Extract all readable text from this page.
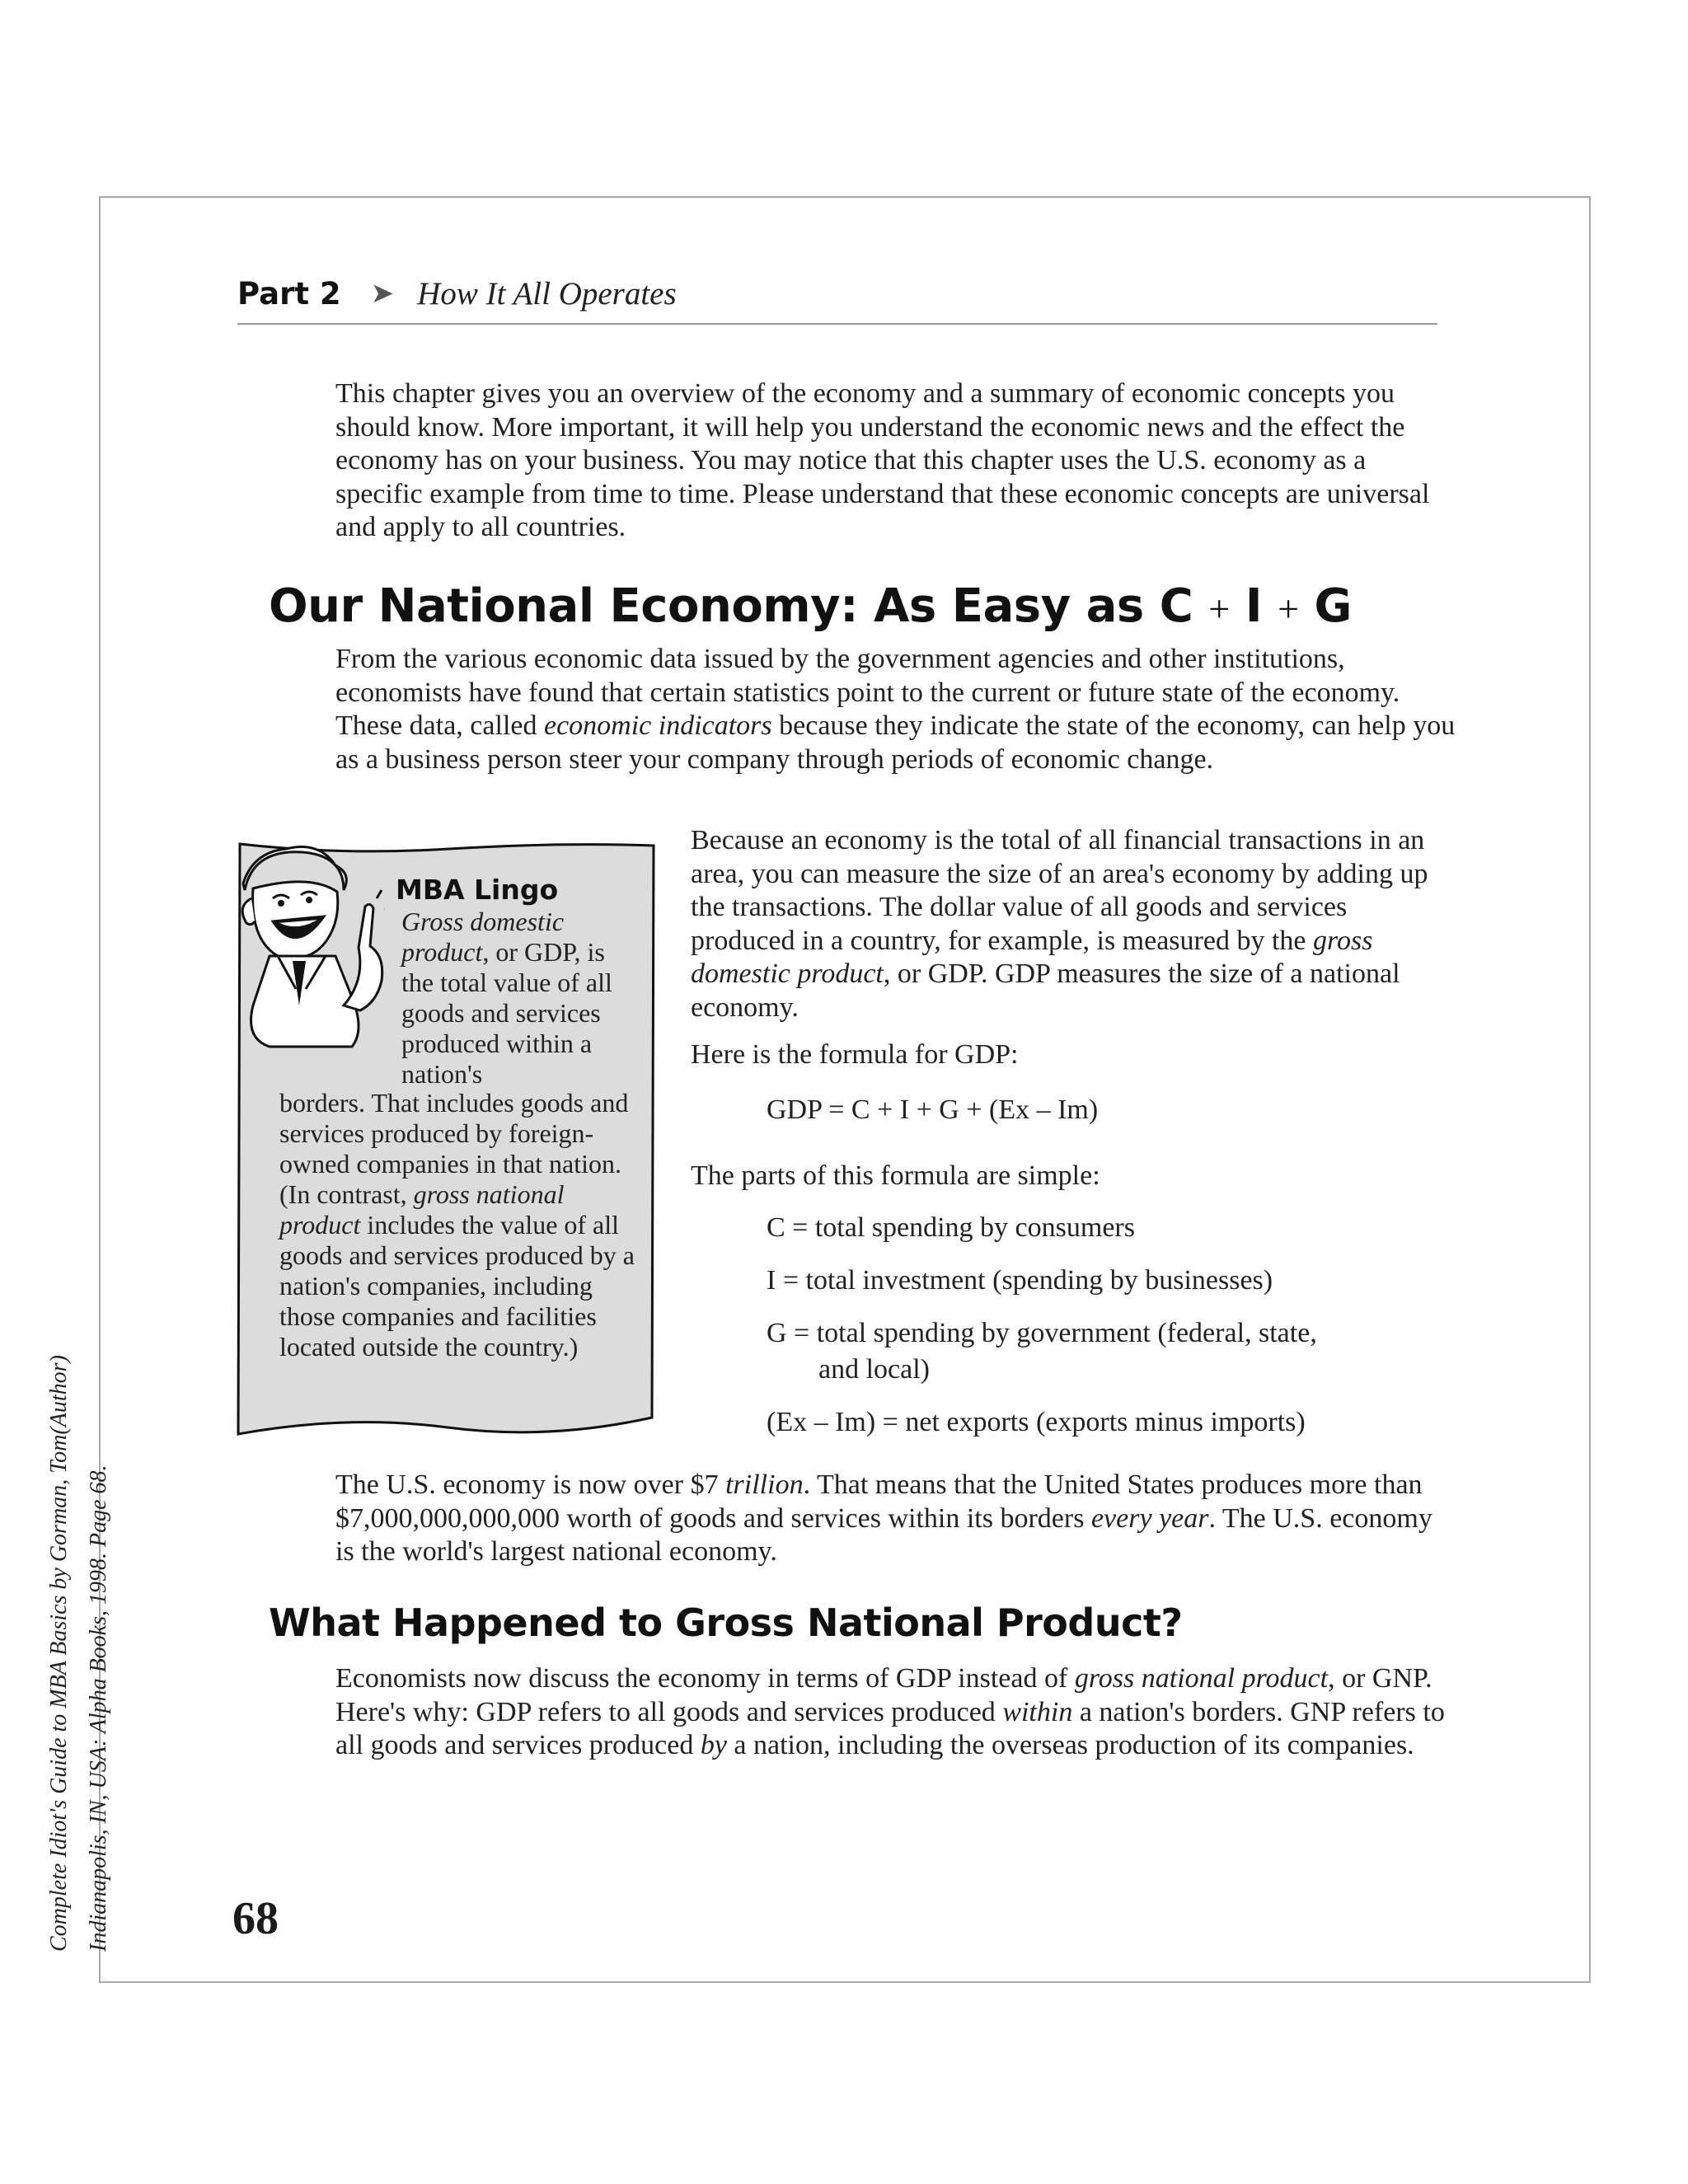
Complete Idiot's Guide to MBA Basics by Gorman, Tom(Author) Indianapolis, IN, USA: Alpha Books, 1998. Page 68.
Part 2 ➤ How It All Operates

This chapter gives you an overview of the economy and a summary of economic concepts you should know. More important, it will help you understand the economic news and the effect the economy has on your business. You may notice that this chapter uses the U.S. economy as a specific example from time to time. Please understand that these economic concepts are universal and apply to all countries.

Our National Economy: As Easy as C + I + G

From the various economic data issued by the government agencies and other institutions, economists have found that certain statistics point to the current or future state of the economy. These data, called economic indicators because they indicate the state of the economy, can help you as a business person steer your company through periods of economic change.

MBA Lingo
Gross domestic product, or GDP, is the total value of all goods and services produced within a nation's
borders. That includes goods and services produced by foreign-owned companies in that nation. (In contrast, gross national product includes the value of all goods and services produced by a nation's companies, including those companies and facilities located outside the country.)

Because an economy is the total of all financial transactions in an area, you can measure the size of an area's economy by adding up the transactions. The dollar value of all goods and services produced in a country, for example, is measured by the gross domestic product, or GDP. GDP measures the size of a national economy.

Here is the formula for GDP:

GDP = C + I + G + (Ex – Im)
The parts of this formula are simple:
C = total spending by consumers
I = total investment (spending by businesses)
G = total spending by government (federal, state,
and local)
(Ex – Im) = net exports (exports minus imports)

The U.S. economy is now over $7 trillion. That means that the United States produces more than $7,000,000,000,000 worth of goods and services within its borders every year. The U.S. economy is the world's largest national economy.

What Happened to Gross National Product?

Economists now discuss the economy in terms of GDP instead of gross national product, or GNP. Here's why: GDP refers to all goods and services produced within a nation's borders. GNP refers to all goods and services produced by a nation, including the overseas production of its companies.

68
